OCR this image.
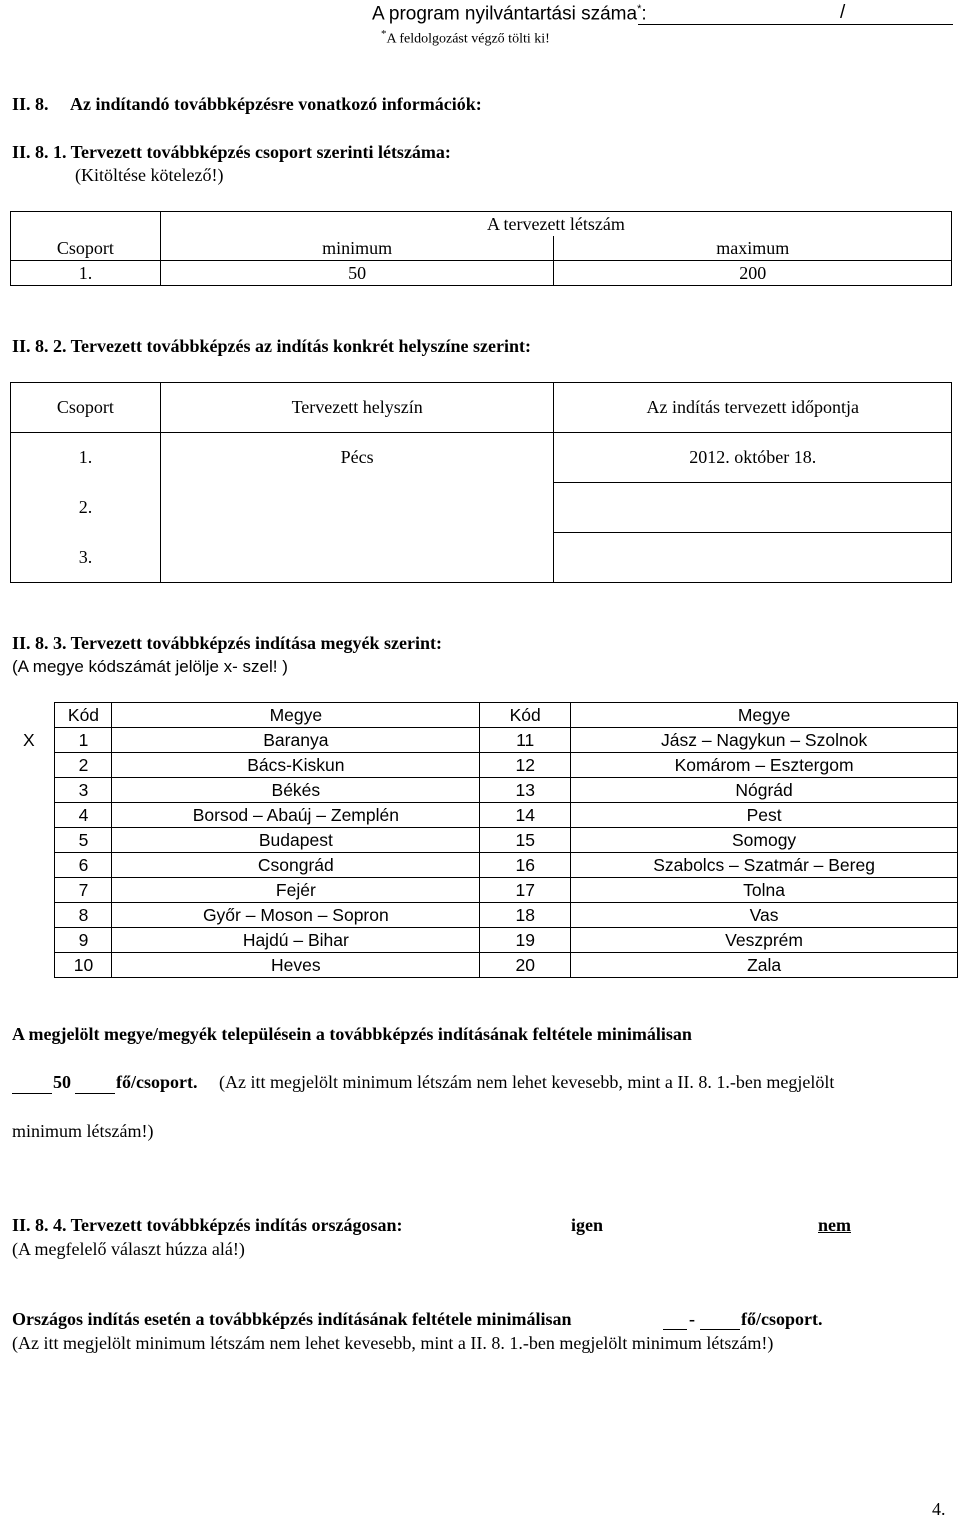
A program nyilvántartási száma*:	/
*A feldolgozást végző tölti ki!
II. 8.     Az indítandó továbbképzésre vonatkozó információk:
II. 8. 1. Tervezett továbbképzés csoport szerinti létszáma:
(Kitöltése kötelező!)
	A tervezett létszám	
Csoport	minimum	maximum
1.	50	200
II. 8. 2. Tervezett továbbképzés az indítás konkrét helyszíne szerint:
Csoport	Tervezett helyszín	Az indítás tervezett időpontja
1.	Pécs	2012. október 18.
2.		
3.		
II. 8. 3. Tervezett továbbképzés indítása megyék szerint:
(A megye kódszámát jelölje x- szel! )
	Kód	Megye	Kód	Megye
X	1	Baranya	11	Jász – Nagykun – Szolnok
	2	Bács-Kiskun	12	Komárom – Esztergom
	3	Békés	13	Nógrád
	4	Borsod – Abaúj – Zemplén	14	Pest
	5	Budapest	15	Somogy
	6	Csongrád	16	Szabolcs – Szatmár – Bereg
	7	Fejér	17	Tolna
	8	Győr – Moson – Sopron	18	Vas
	9	Hajdú – Bihar	19	Veszprém
	10	Heves	20	Zala
A megjelölt megye/megyék településein a továbbképzés indításának feltétele minimálisan
50	fő/csoport. (Az itt megjelölt minimum létszám nem lehet kevesebb, mint a II. 8. 1.-ben megjelölt
minimum létszám!)
II. 8. 4. Tervezett továbbképzés indítás országosan:	igen	nem
(A megfelelő választ húzza alá!)
Országos indítás esetén a továbbképzés indításának feltétele minimálisan	-	fő/csoport.
(Az itt megjelölt minimum létszám nem lehet kevesebb, mint a II. 8. 1.-ben megjelölt minimum létszám!)
4.
